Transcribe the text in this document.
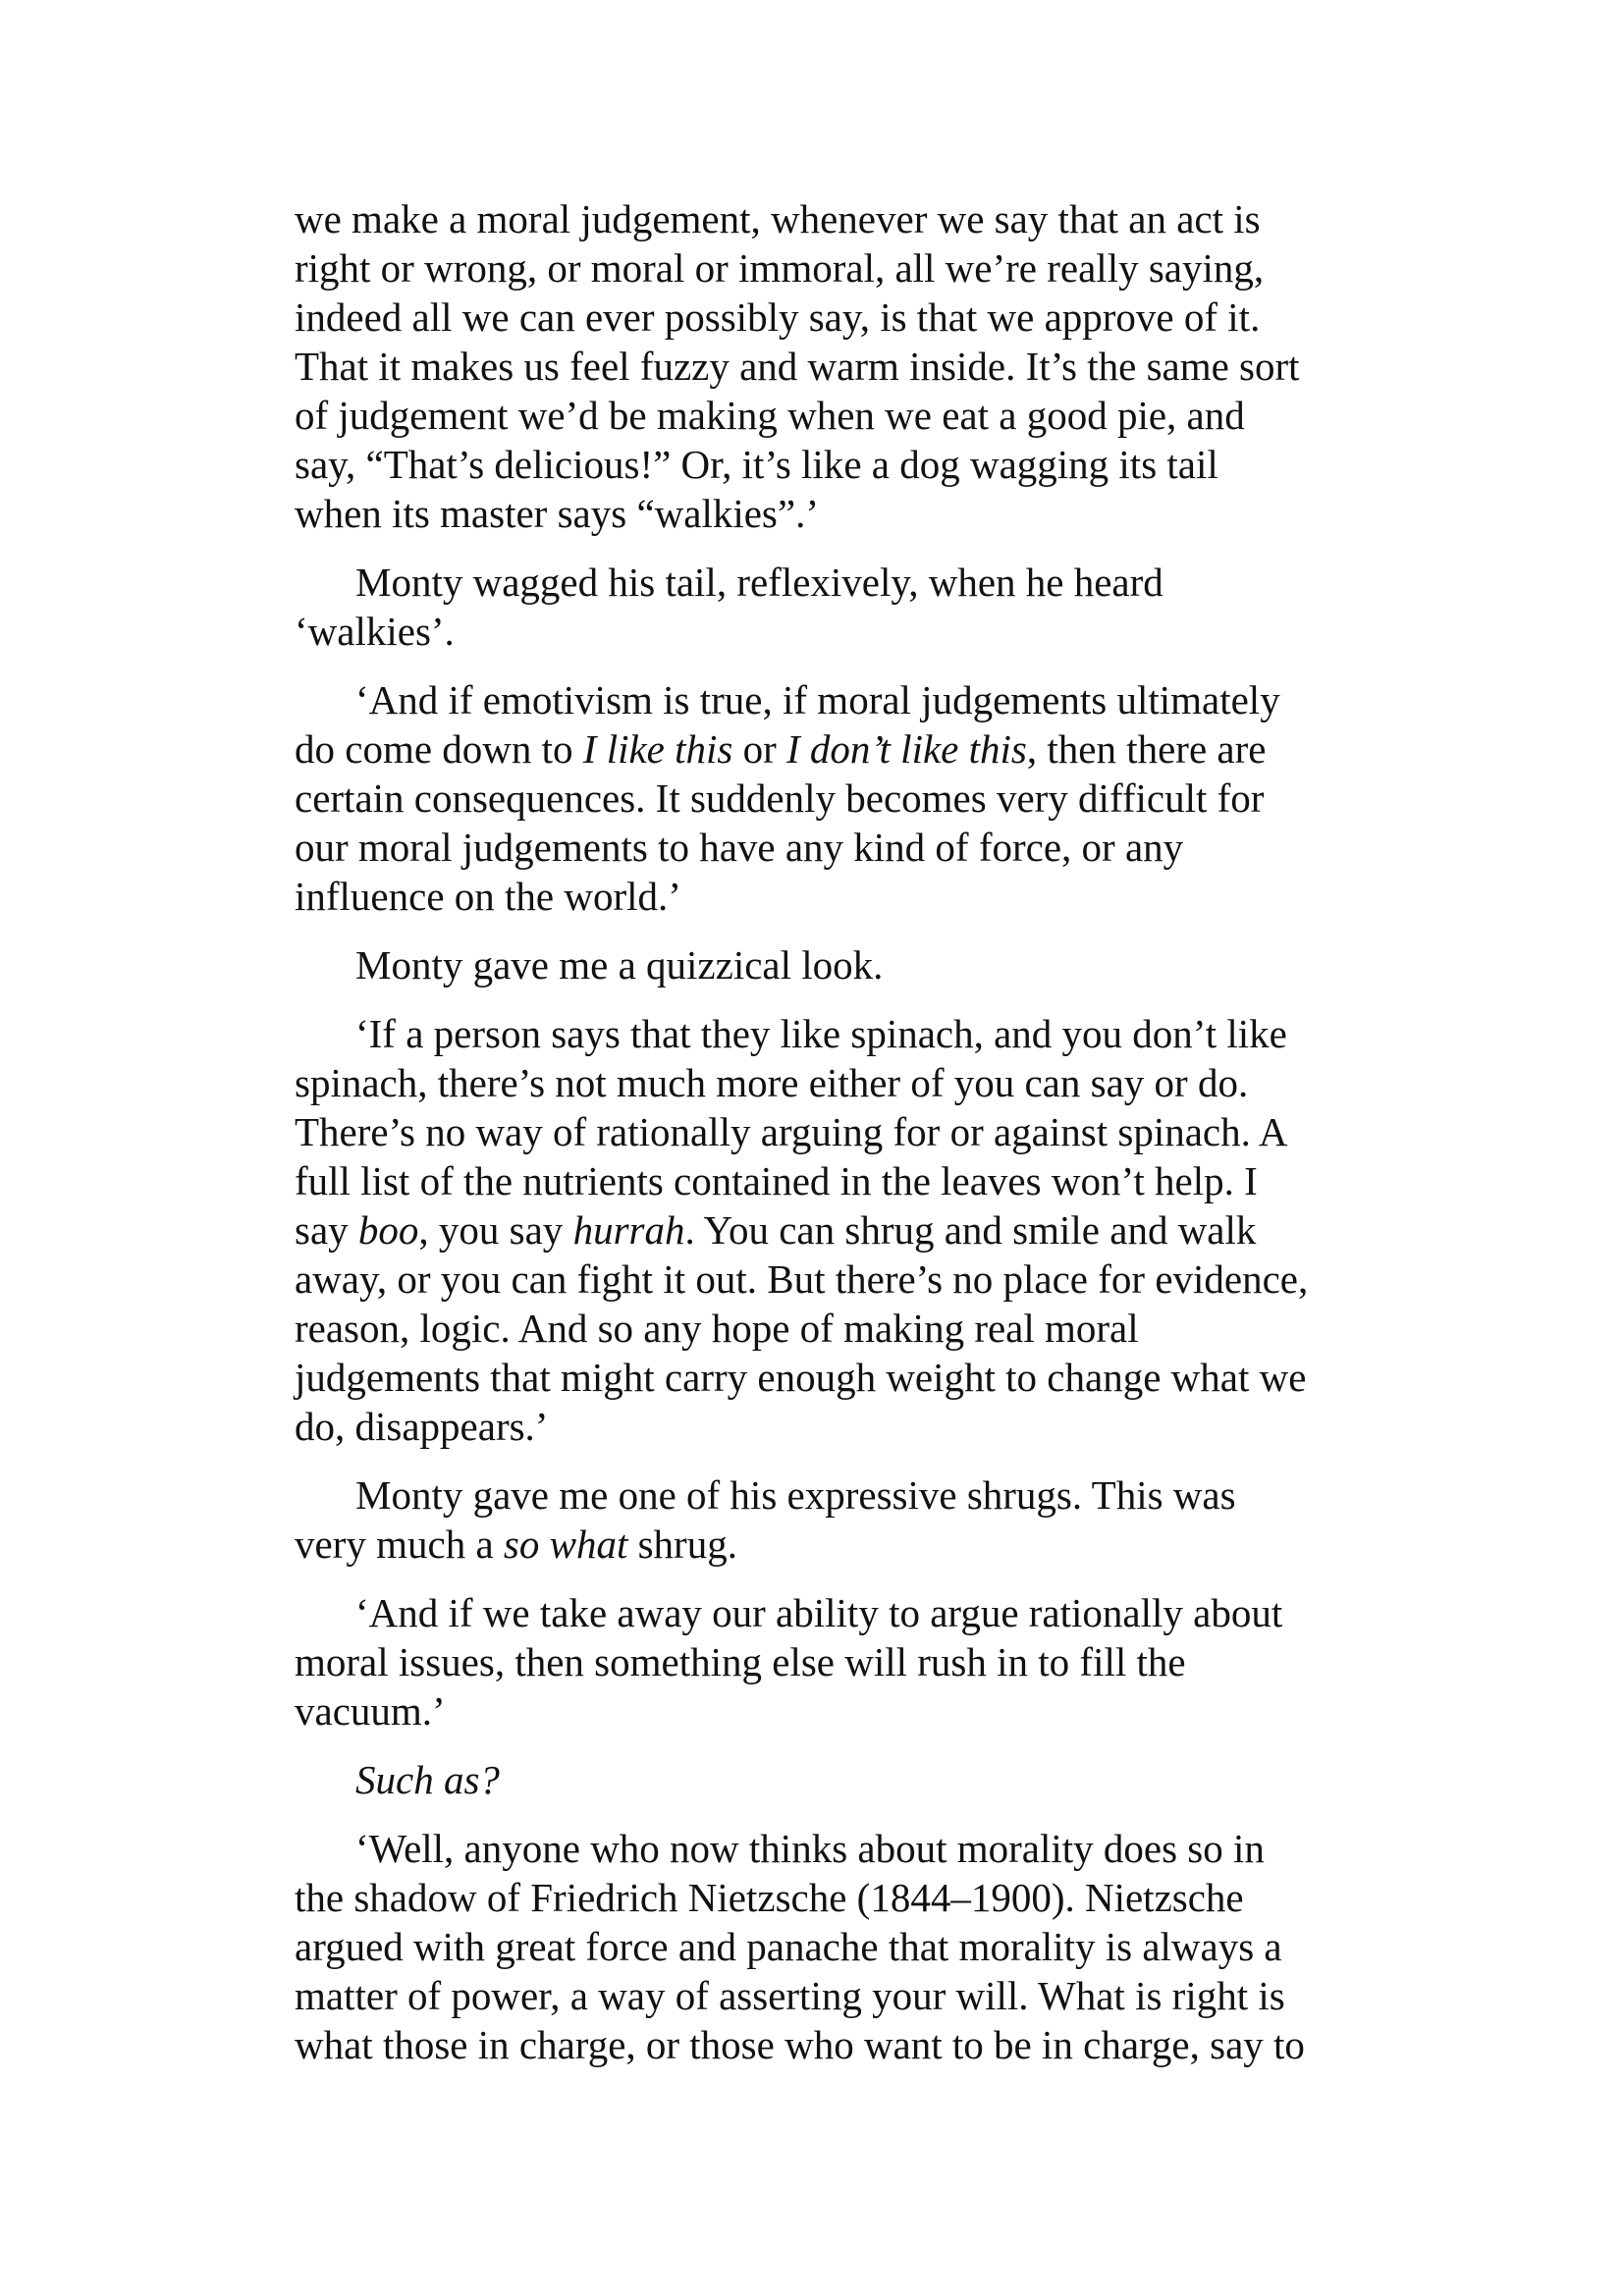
we make a moral judgement, whenever we say that an act is
right or wrong, or moral or immoral, all we’re really saying,
indeed all we can ever possibly say, is that we approve of it.
That it makes us feel fuzzy and warm inside. It’s the same sort
of judgement we’d be making when we eat a good pie, and
say, “That’s delicious!” Or, it’s like a dog wagging its tail
when its master says “walkies”.’
Monty wagged his tail, reflexively, when he heard
‘walkies’.
‘And if emotivism is true, if moral judgements ultimately
do come down to I like this or I don’t like this, then there are
certain consequences. It suddenly becomes very difficult for
our moral judgements to have any kind of force, or any
influence on the world.’
Monty gave me a quizzical look.
‘If a person says that they like spinach, and you don’t like
spinach, there’s not much more either of you can say or do.
There’s no way of rationally arguing for or against spinach. A
full list of the nutrients contained in the leaves won’t help. I
say boo, you say hurrah. You can shrug and smile and walk
away, or you can fight it out. But there’s no place for evidence,
reason, logic. And so any hope of making real moral
judgements that might carry enough weight to change what we
do, disappears.’
Monty gave me one of his expressive shrugs. This was
very much a so what shrug.
‘And if we take away our ability to argue rationally about
moral issues, then something else will rush in to fill the
vacuum.’
Such as?
‘Well, anyone who now thinks about morality does so in
the shadow of Friedrich Nietzsche (1844–1900). Nietzsche
argued with great force and panache that morality is always a
matter of power, a way of asserting your will. What is right is
what those in charge, or those who want to be in charge, say to
